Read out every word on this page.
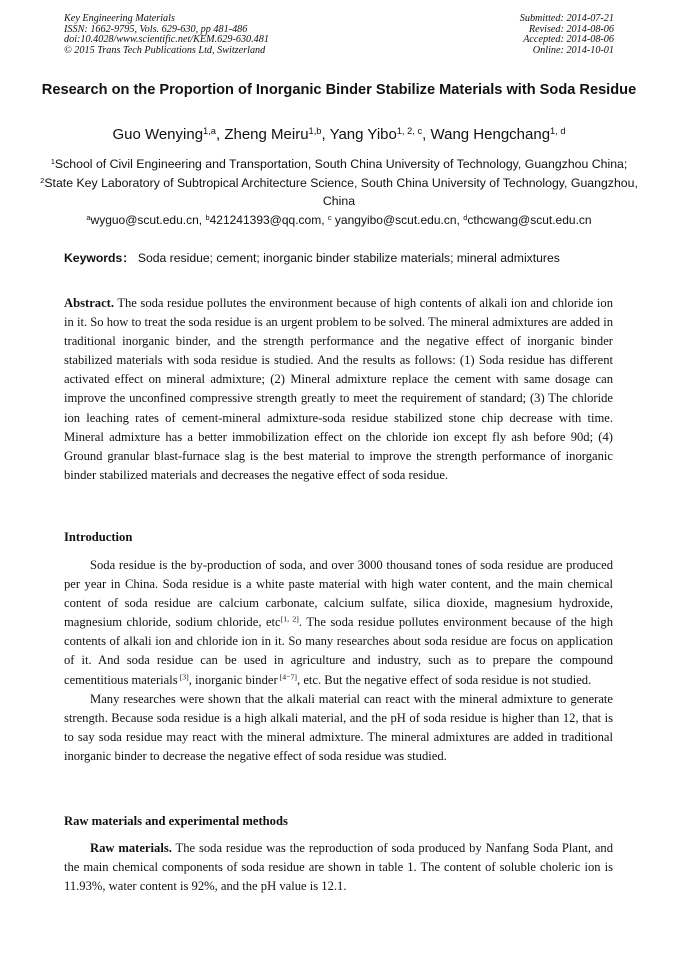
Key Engineering Materials
ISSN: 1662-9795, Vols. 629-630, pp 481-486
doi:10.4028/www.scientific.net/KEM.629-630.481
© 2015 Trans Tech Publications Ltd, Switzerland
Submitted: 2014-07-21
Revised: 2014-08-06
Accepted: 2014-08-06
Online: 2014-10-01
Research on the Proportion of Inorganic Binder Stabilize Materials with Soda Residue
Guo Wenying$^{1,a}$, Zheng Meiru$^{1,b}$, Yang Yibo$^{1, 2, c}$, Wang Hengchang$^{1, d}$
$^1$School of Civil Engineering and Transportation, South China University of Technology, Guangzhou China; $^2$State Key Laboratory of Subtropical Architecture Science, South China University of Technology, Guangzhou, China
$^a$wyguo@scut.edu.cn, $^b$421241393@qq.com, $^c$ yangyibo@scut.edu.cn, $^d$cthcwang@scut.edu.cn
Keywords： Soda residue; cement; inorganic binder stabilize materials; mineral admixtures
Abstract. The soda residue pollutes the environment because of high contents of alkali ion and chloride ion in it. So how to treat the soda residue is an urgent problem to be solved. The mineral admixtures are added in traditional inorganic binder, and the strength performance and the negative effect of inorganic binder stabilized materials with soda residue is studied. And the results as follows: (1) Soda residue has different activated effect on mineral admixture; (2) Mineral admixture replace the cement with same dosage can improve the unconfined compressive strength greatly to meet the requirement of standard; (3) The chloride ion leaching rates of cement-mineral admixture-soda residue stabilized stone chip decrease with time. Mineral admixture has a better immobilization effect on the chloride ion except fly ash before 90d; (4) Ground granular blast-furnace slag is the best material to improve the strength performance of inorganic binder stabilized materials and decreases the negative effect of soda residue.
Introduction

Soda residue is the by-production of soda, and over 3000 thousand tones of soda residue are produced per year in China. Soda residue is a white paste material with high water content, and the main chemical content of soda residue are calcium carbonate, calcium sulfate, silica dioxide, magnesium hydroxide, magnesium chloride, sodium chloride, etc[1, 2]. The soda residue pollutes environment because of the high contents of alkali ion and chloride ion in it. So many researches about soda residue are focus on application of it. And soda residue can be used in agriculture and industry, such as to prepare the compound cementitious materials [3], inorganic binder [4−7], etc. But the negative effect of soda residue is not studied.

Many researches were shown that the alkali material can react with the mineral admixture to generate strength. Because soda residue is a high alkali material, and the pH of soda residue is higher than 12, that is to say soda residue may react with the mineral admixture. The mineral admixtures are added in traditional inorganic binder to decrease the negative effect of soda residue was studied.

Raw materials and experimental methods

Raw materials. The soda residue was the reproduction of soda produced by Nanfang Soda Plant, and the main chemical components of soda residue are shown in table 1. The content of soluble choleric ion is 11.93%, water content is 92%, and the pH value is 12.1.
